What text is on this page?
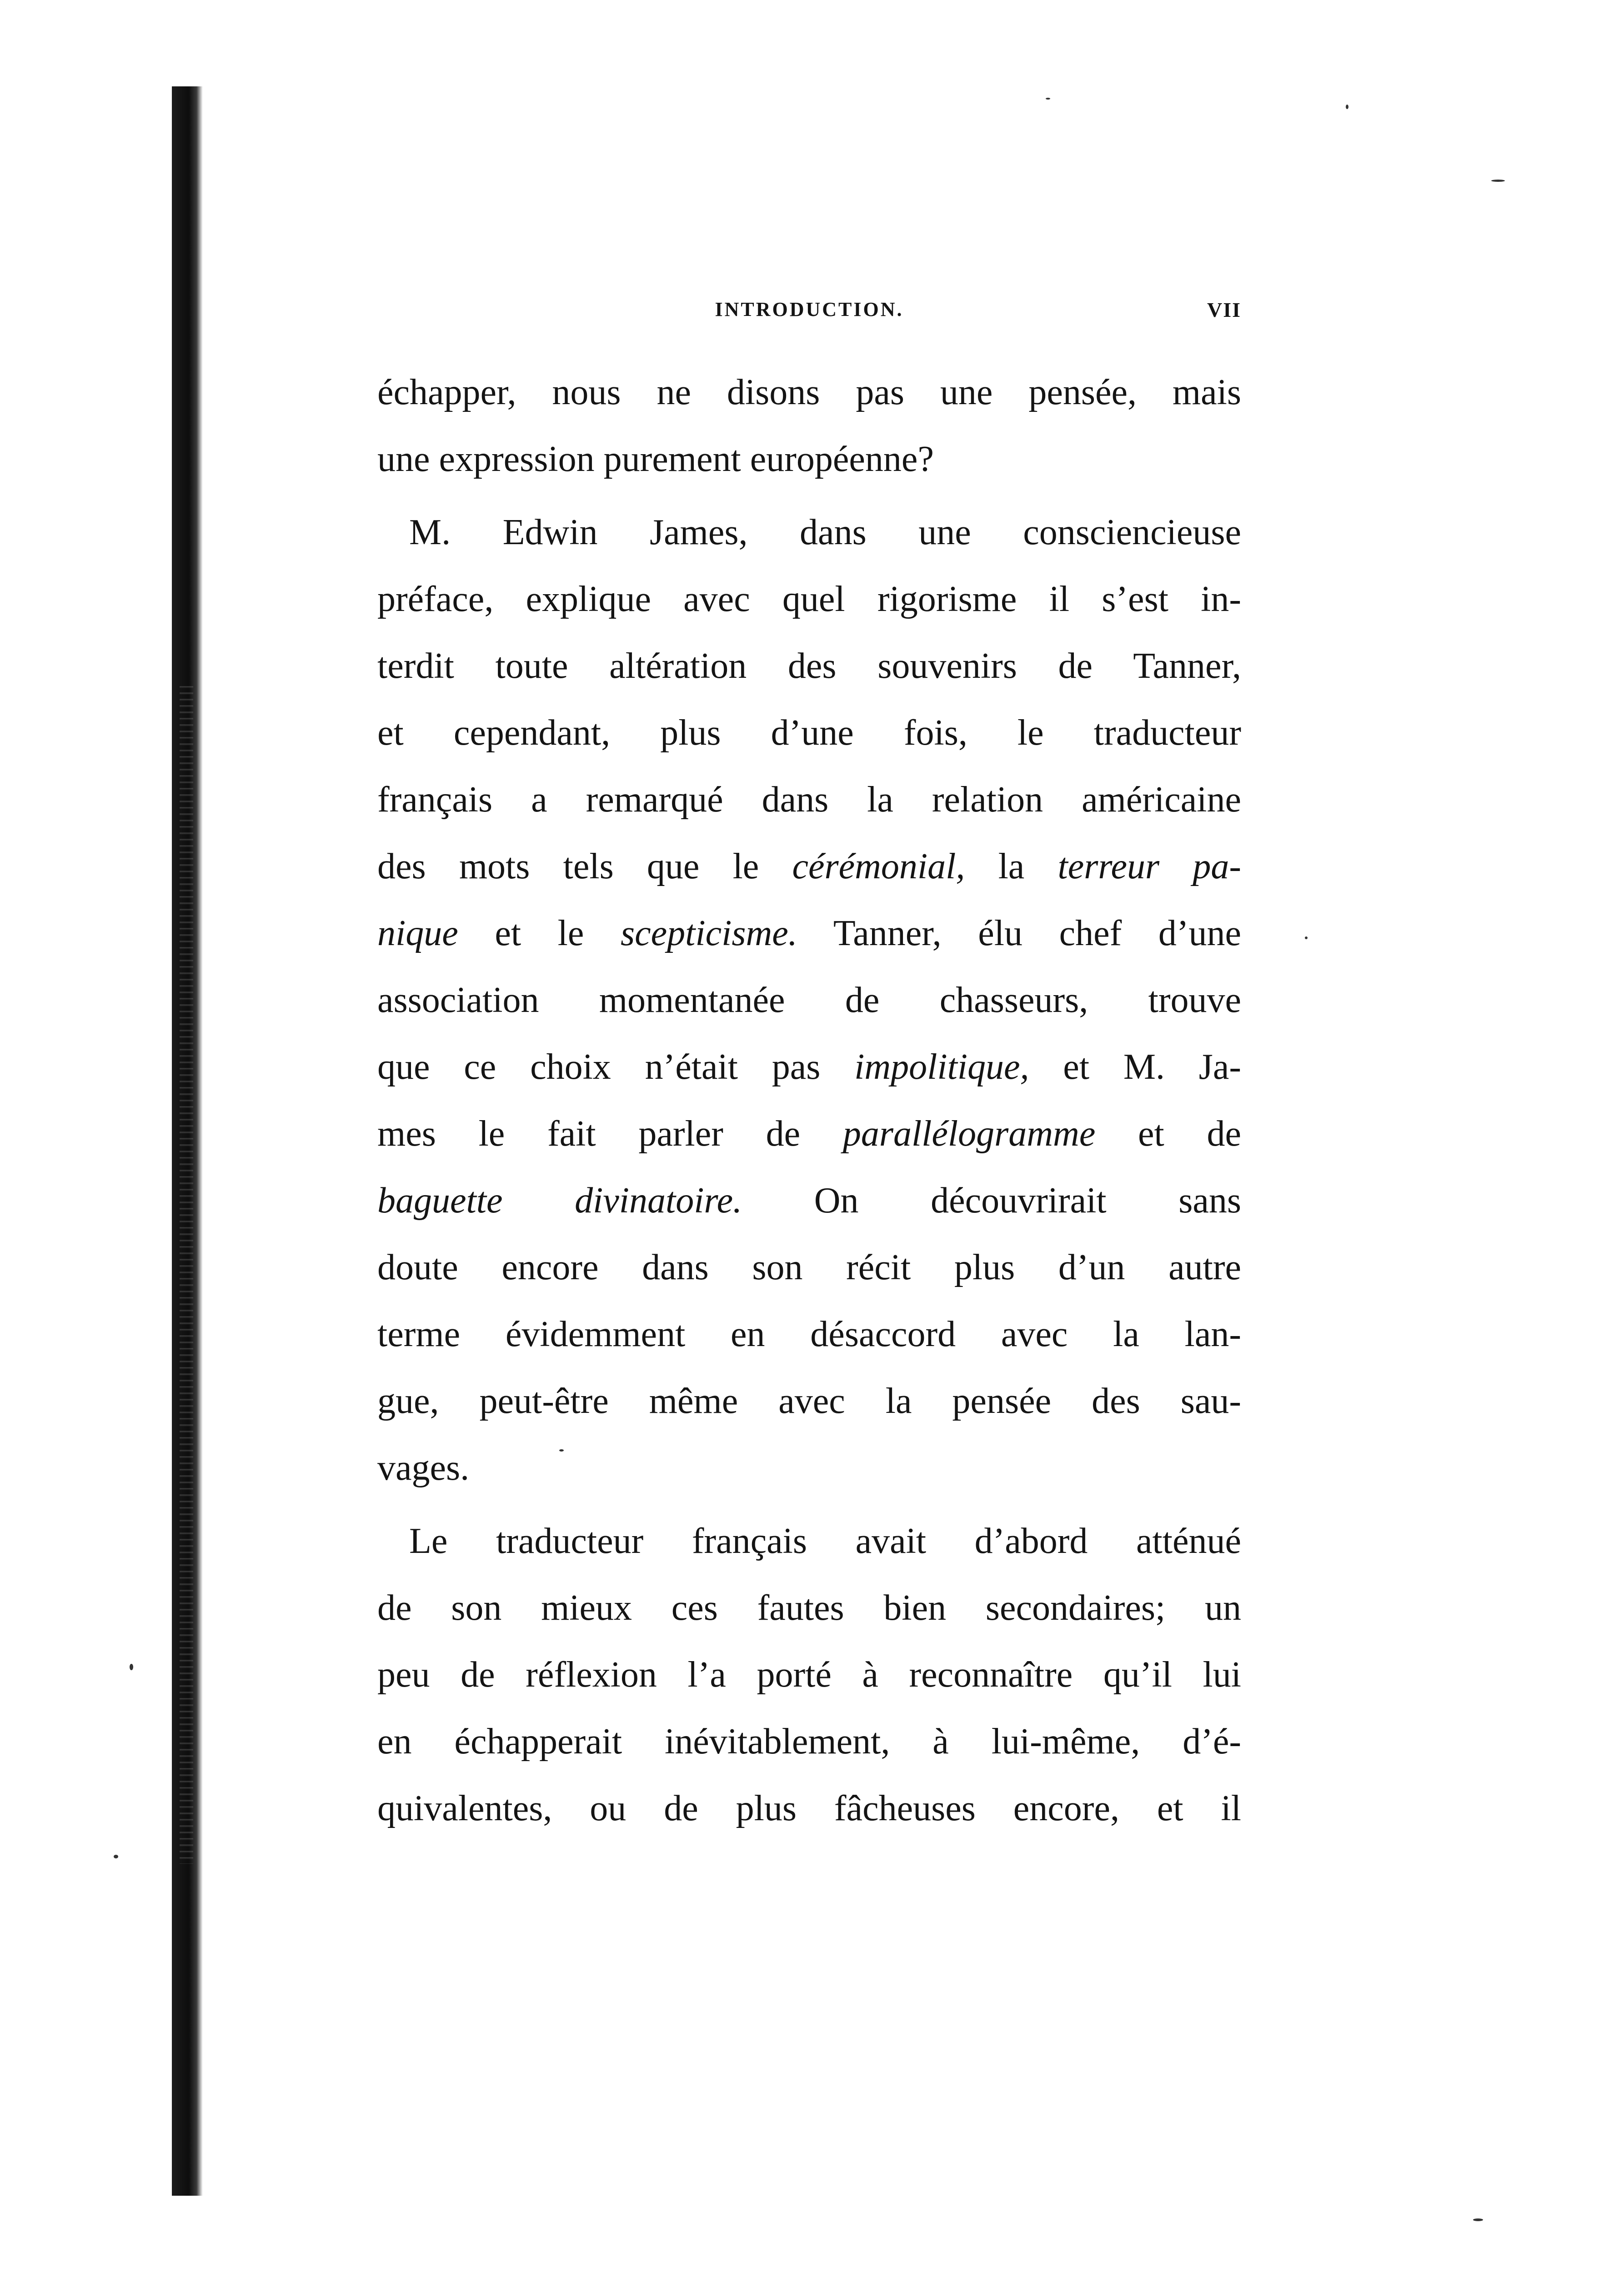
INTRODUCTION.	VII
échapper, nous ne disons pas une pensée, mais
une expression purement européenne?
M. Edwin James, dans une consciencieuse
préface, explique avec quel rigorisme il s’est in-
terdit toute altération des souvenirs de Tanner,
et cependant, plus d’une fois, le traducteur
français a remarqué dans la relation américaine
des mots tels que le cérémonial, la terreur pa-
nique et le scepticisme. Tanner, élu chef d’une
association momentanée de chasseurs, trouve
que ce choix n’était pas impolitique, et M. Ja-
mes le fait parler de parallélogramme et de
baguette divinatoire. On découvrirait sans
doute encore dans son récit plus d’un autre
terme évidemment en désaccord avec la lan-
gue, peut-être même avec la pensée des sau-
vages.
Le traducteur français avait d’abord atténué
de son mieux ces fautes bien secondaires; un
peu de réflexion l’a porté à reconnaître qu’il lui
en échapperait inévitablement, à lui-même, d’é-
quivalentes, ou de plus fâcheuses encore, et il
